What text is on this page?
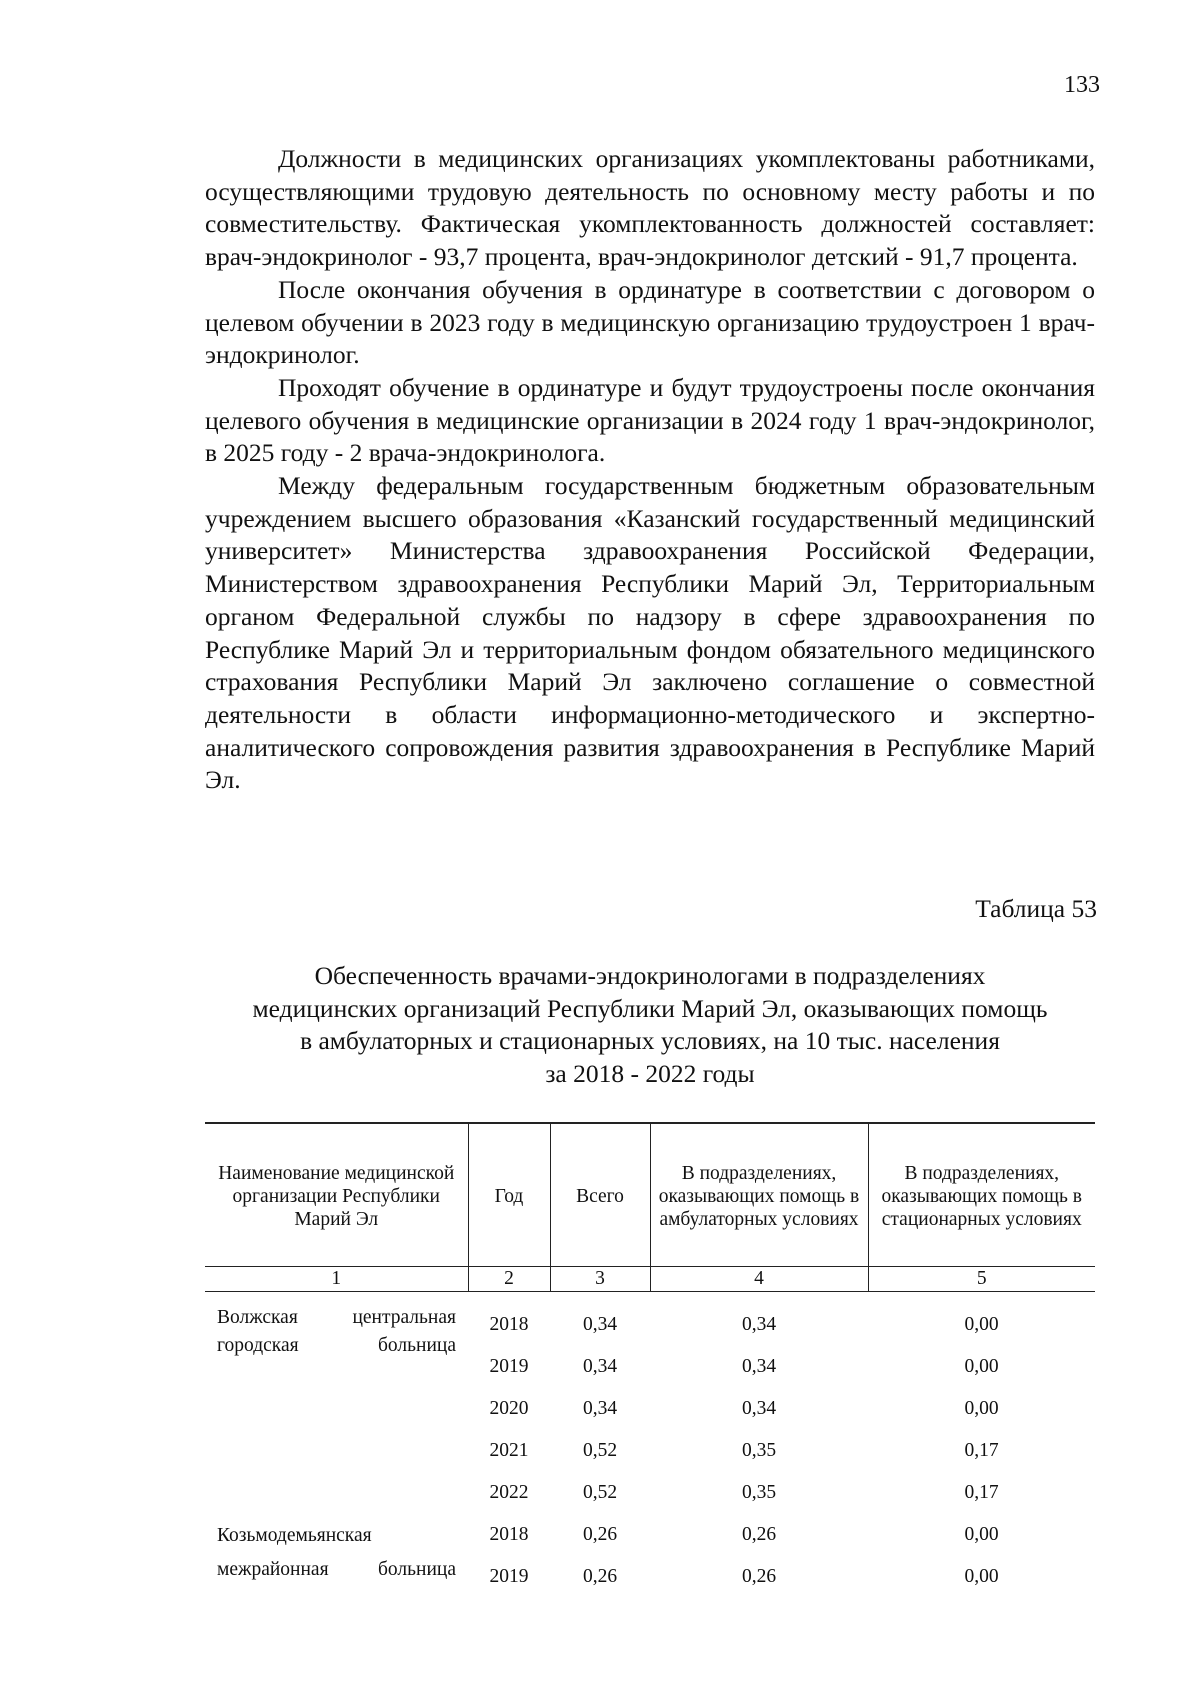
133

Должности в медицинских организациях укомплектованы работниками, осуществляющими трудовую деятельность по основному месту работы и по совместительству. Фактическая укомплектованность должностей составляет: врач-эндокринолог - 93,7 процента, врач-эндокринолог детский - 91,7 процента.

После окончания обучения в ординатуре в соответствии с договором о целевом обучении в 2023 году в медицинскую организацию трудоустроен 1 врач-эндокринолог.

Проходят обучение в ординатуре и будут трудоустроены после окончания целевого обучения в медицинские организации в 2024 году 1 врач-эндокринолог, в 2025 году - 2 врача-эндокринолога.

Между федеральным государственным бюджетным образовательным учреждением высшего образования «Казанский государственный медицинский университет» Министерства здравоохранения Российской Федерации, Министерством здравоохранения Республики Марий Эл, Территориальным органом Федеральной службы по надзору в сфере здравоохранения по Республике Марий Эл и территориальным фондом обязательного медицинского страхования Республики Марий Эл заключено соглашение о совместной деятельности в области информационно-методического и экспертно-аналитического сопровождения развития здравоохранения в Республике Марий Эл.

Таблица 53
Обеспеченность врачами-эндокринологами в подразделениях
медицинских организаций Республики Марий Эл, оказывающих помощь
в амбулаторных и стационарных условиях, на 10 тыс. населения
за 2018 - 2022 годы
Наименование медицинской организации Республики Марий Эл	Год	Всего	В подразделениях, оказывающих помощь в амбулаторных условиях	В подразделениях, оказывающих помощь в стационарных условиях
1	2	3	4	5

Волжская центральная
городская больница	2018	0,34	0,34	0,00
	2019	0,34	0,34	0,00
	2020	0,34	0,34	0,00
	2021	0,52	0,35	0,17
	2022	0,52	0,35	0,17

Козьмодемьянская
межрайонная больница	2018	0,26	0,26	0,00
	2019	0,26	0,26	0,00
